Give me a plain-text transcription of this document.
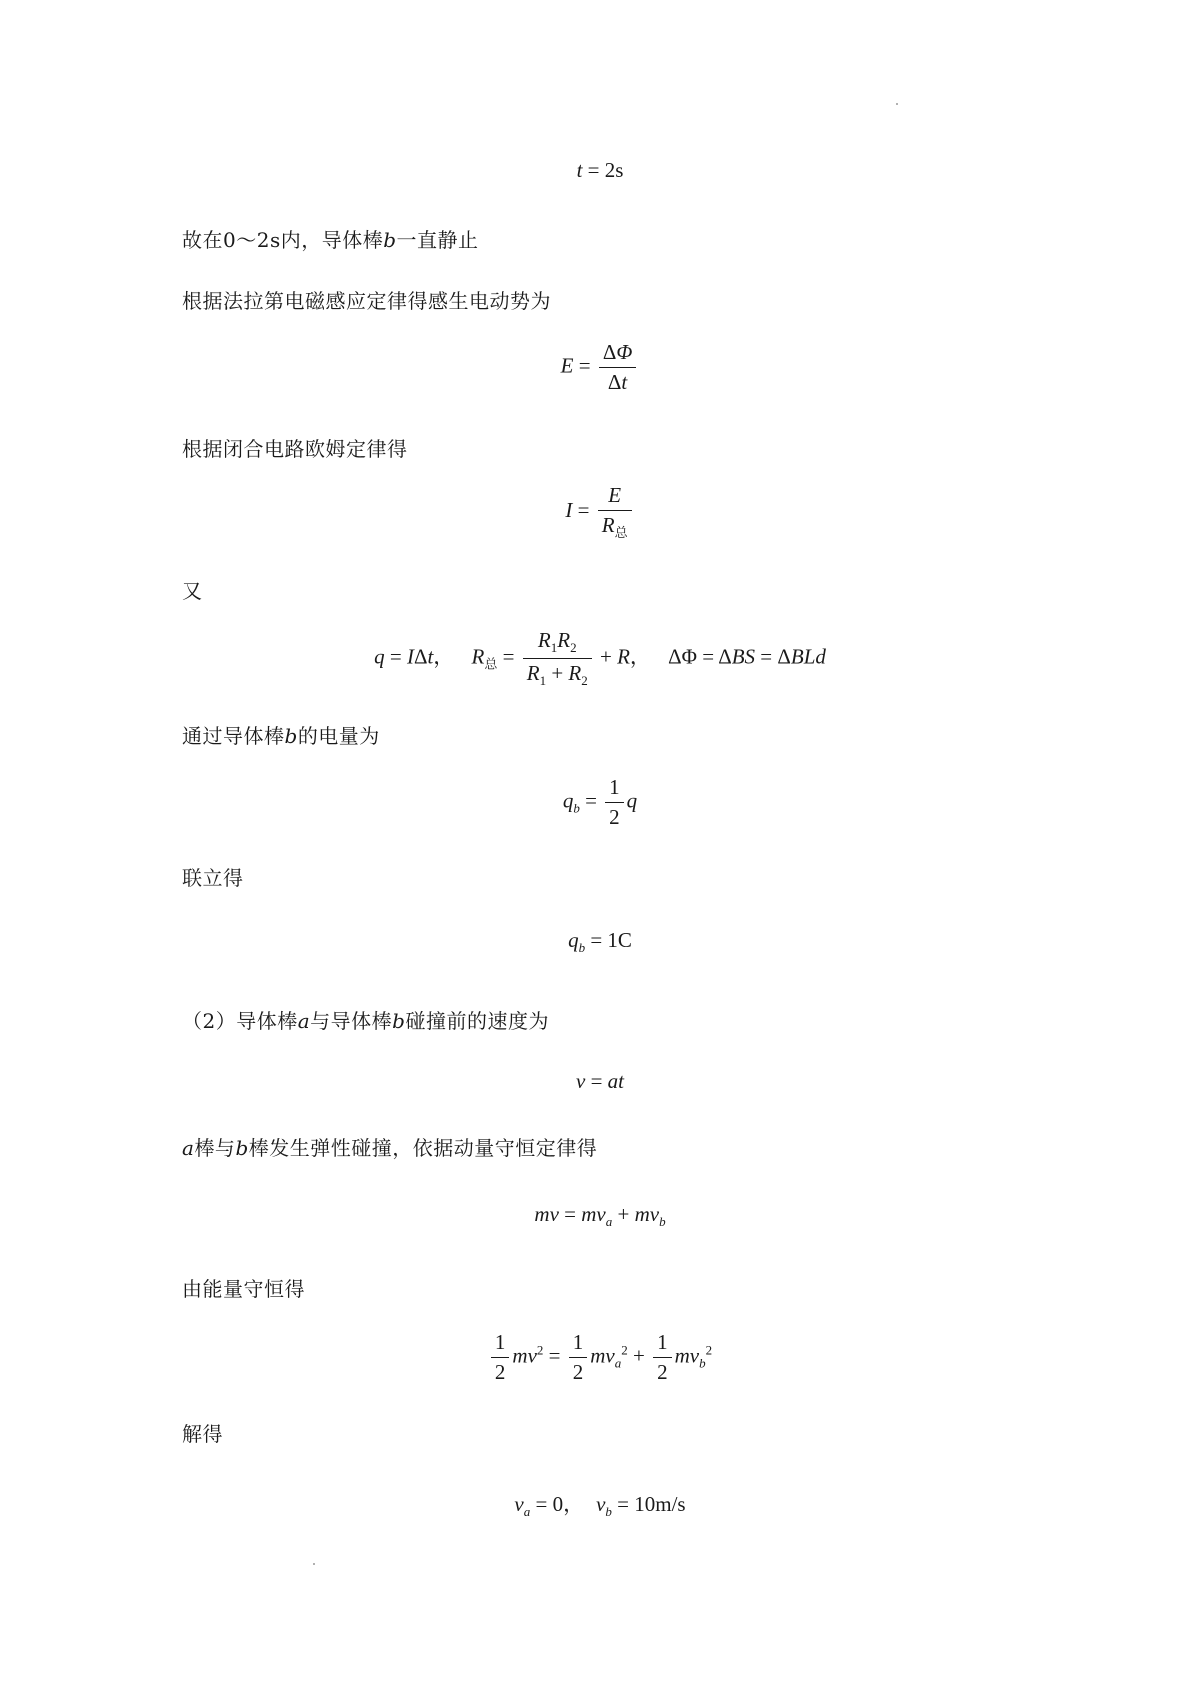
t = 2s
故在0～2s内，导体棒b一直静止
根据法拉第电磁感应定律得感生电动势为
$E = \frac{\Delta\Phi}{\Delta t}$
根据闭合电路欧姆定律得
$I = \frac{E}{R_总}$
又
q = IΔt， $R_总 = \frac{R_1R_2}{R_1 + R_2} + R$， ΔΦ = ΔBS = ΔBLd
通过导体棒b的电量为
$q_b = \frac{1}{2}$ q
联立得
$q_b = 1C$
（2）导体棒a与导体棒b碰撞前的速度为
v = at
a棒与b棒发生弹性碰撞，依据动量守恒定律得
mv = $mv_a + mv_b$
由能量守恒得
$\frac{1}{2} mv^2 = \frac{1}{2} mv_a^2 + \frac{1}{2} mv_b^2$
解得
$v_a = 0$， $v_b = 10m/s$
